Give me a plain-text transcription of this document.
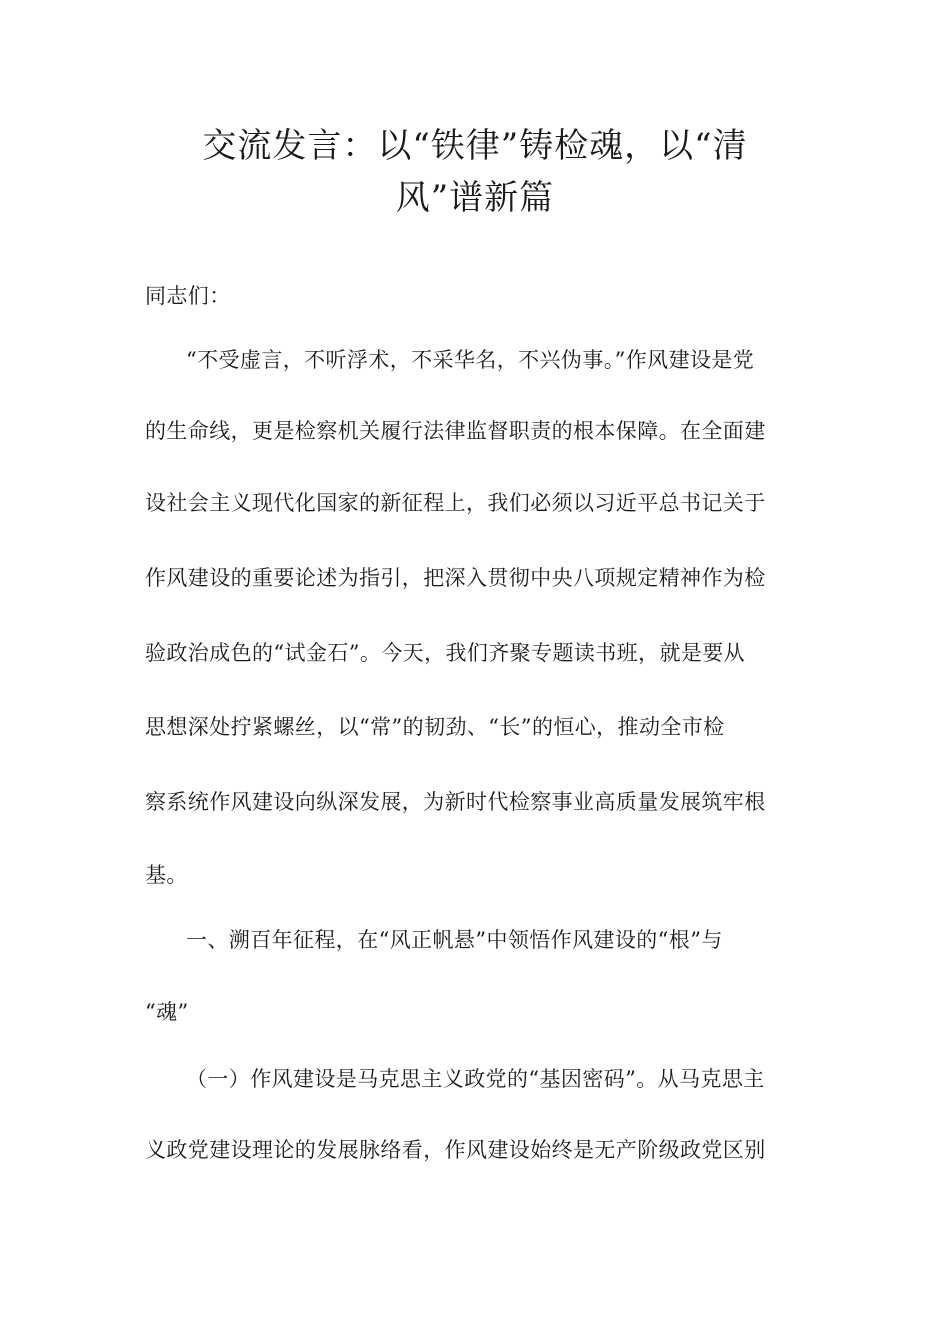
交流发言：以“铁律”铸检魂，以“清
风”谱新篇

同志们：

“不受虚言，不听浮术，不采华名，不兴伪事。”作风建设是党

的生命线，更是检察机关履行法律监督职责的根本保障。在全面建

设社会主义现代化国家的新征程上，我们必须以习近平总书记关于

作风建设的重要论述为指引，把深入贯彻中央八项规定精神作为检

验政治成色的“试金石”。今天，我们齐聚专题读书班，就是要从

思想深处拧紧螺丝，以“常”的韧劲、“长”的恒心，推动全市检

察系统作风建设向纵深发展，为新时代检察事业高质量发展筑牢根

基。

一、溯百年征程，在“风正帆悬”中领悟作风建设的“根”与

“魂”

（一）作风建设是马克思主义政党的“基因密码”。从马克思主

义政党建设理论的发展脉络看，作风建设始终是无产阶级政党区别
